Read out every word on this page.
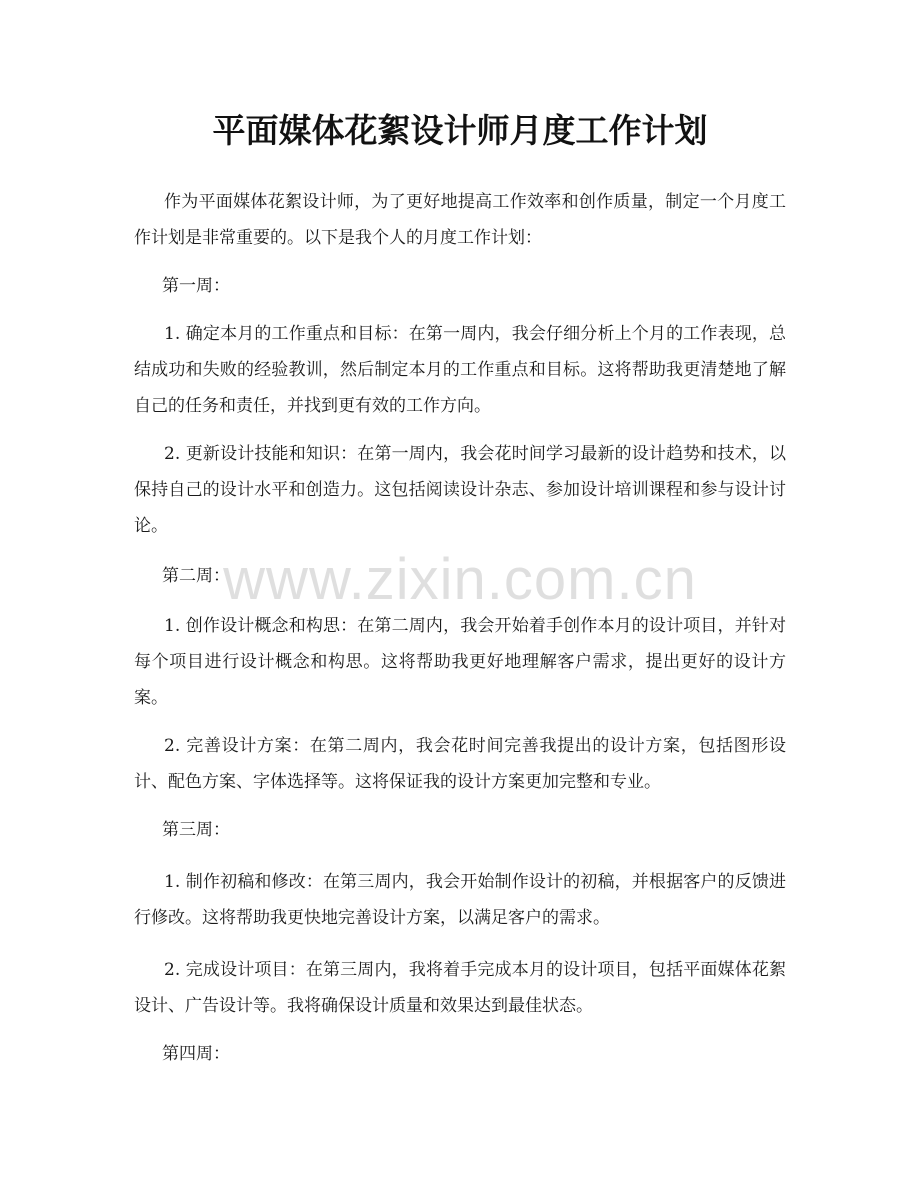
平面媒体花絮设计师月度工作计划

作为平面媒体花絮设计师，为了更好地提高工作效率和创作质量，制定一个月度工作计划是非常重要的。以下是我个人的月度工作计划：

第一周：

1. 确定本月的工作重点和目标：在第一周内，我会仔细分析上个月的工作表现，总结成功和失败的经验教训，然后制定本月的工作重点和目标。这将帮助我更清楚地了解自己的任务和责任，并找到更有效的工作方向。

2. 更新设计技能和知识：在第一周内，我会花时间学习最新的设计趋势和技术，以保持自己的设计水平和创造力。这包括阅读设计杂志、参加设计培训课程和参与设计讨论。

第二周：

1. 创作设计概念和构思：在第二周内，我会开始着手创作本月的设计项目，并针对每个项目进行设计概念和构思。这将帮助我更好地理解客户需求，提出更好的设计方案。

2. 完善设计方案：在第二周内，我会花时间完善我提出的设计方案，包括图形设计、配色方案、字体选择等。这将保证我的设计方案更加完整和专业。

第三周：

1. 制作初稿和修改：在第三周内，我会开始制作设计的初稿，并根据客户的反馈进行修改。这将帮助我更快地完善设计方案，以满足客户的需求。

2. 完成设计项目：在第三周内，我将着手完成本月的设计项目，包括平面媒体花絮设计、广告设计等。我将确保设计质量和效果达到最佳状态。

第四周：

www.zixin.com.cn
